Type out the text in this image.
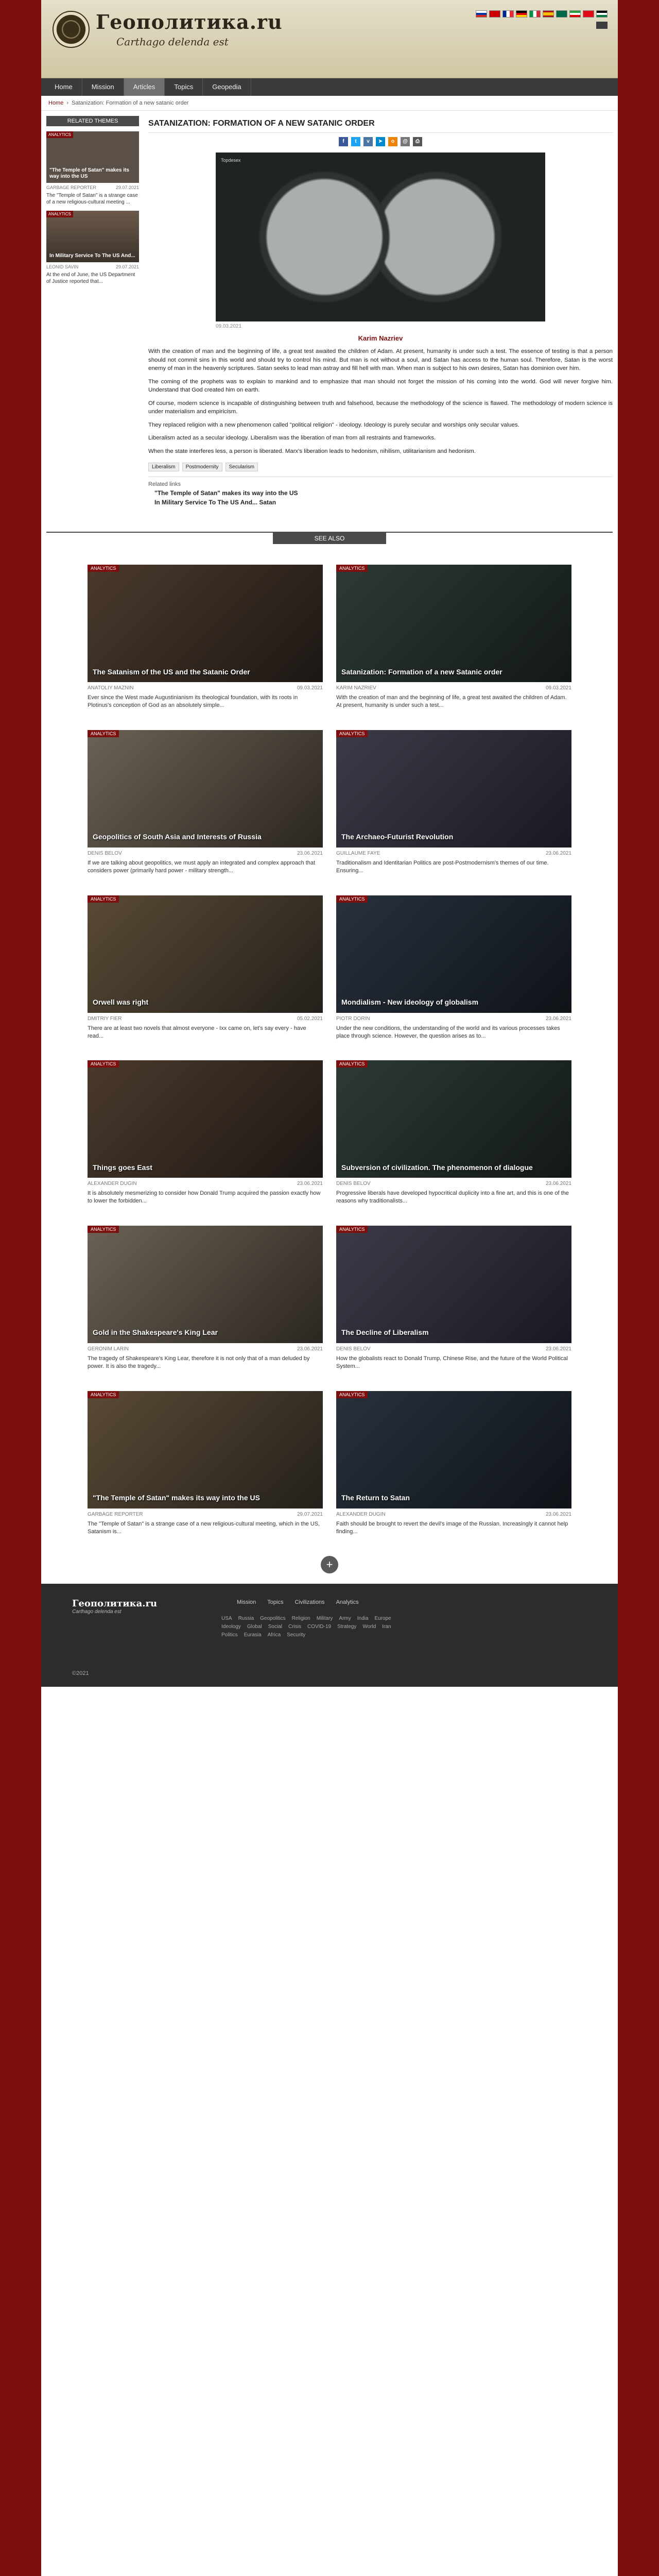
Геополитика.ru
Carthago delenda est
Home	Mission	Articles	Topics	Geopedia
Home › Satanization: Formation of a new satanic order
RELATED THEMES
ANALYTICS
"The Temple of Satan" makes its way into the US
GARBAGE REPORTER	29.07.2021
The "Temple of Satan" is a strange case of a new religious-cultural meeting ...
ANALYTICS
In Military Service To The US And...
LEONID SAVIN	29.07.2021
At the end of June, the US Department of Justice reported that...
SATANIZATION: FORMATION OF A NEW SATANIC ORDER
f	t	v	➤	o	@	⎙
Topdesex
09.03.2021
Karim Nazriev

With the creation of man and the beginning of life, a great test awaited the children of Adam. At present, humanity is under such a test. The essence of testing is that a person should not commit sins in this world and should try to control his mind. But man is not without a soul, and Satan has access to the human soul. Therefore, Satan is the worst enemy of man in the heavenly scriptures. Satan seeks to lead man astray and fill hell with man. When man is subject to his own desires, Satan has dominion over him.

The coming of the prophets was to explain to mankind and to emphasize that man should not forget the mission of his coming into the world. God will never forgive him. Understand that God created him on earth.

Of course, modern science is incapable of distinguishing between truth and falsehood, because the methodology of the science is flawed. The methodology of modern science is under materialism and empiricism.

They replaced religion with a new phenomenon called "political religion" - ideology. Ideology is purely secular and worships only secular values.

Liberalism acted as a secular ideology. Liberalism was the liberation of man from all restraints and frameworks.

When the state interferes less, a person is liberated. Marx's liberation leads to hedonism, nihilism, utilitarianism and hedonism.

Liberalism	Postmodernity	Secularism
Related links
"The Temple of Satan" makes its way into the US
In Military Service To The US And... Satan
SEE ALSO
ANALYTICS
The Satanism of the US and the Satanic Order
ANATOLIY MAZNIN	09.03.2021
Ever since the West made Augustinianism its theological foundation, with its roots in Plotinus's conception of God as an absolutely simple...
ANALYTICS
Satanization: Formation of a new Satanic order
KARIM NAZRIEV	09.03.2021
With the creation of man and the beginning of life, a great test awaited the children of Adam. At present, humanity is under such a test...
ANALYTICS
Geopolitics of South Asia and Interests of Russia
DENIS BELOV	23.06.2021
If we are talking about geopolitics, we must apply an integrated and complex approach that considers power (primarily hard power - military strength...
ANALYTICS
The Archaeo-Futurist Revolution
GUILLAUME FAYE	23.06.2021
Traditionalism and Identitarian Politics are post-Postmodernism's themes of our time. Ensuring...
ANALYTICS
Orwell was right
DMITRIY FIER	05.02.2021
There are at least two novels that almost everyone - Ixx came on, let's say every - have read...
ANALYTICS
Mondialism - New ideology of globalism
PIOTR DORIN	23.06.2021
Under the new conditions, the understanding of the world and its various processes takes place through science. However, the question arises as to...
ANALYTICS
Things goes East
ALEXANDER DUGIN	23.06.2021
It is absolutely mesmerizing to consider how Donald Trump acquired the passion exactly how to lower the forbidden...
ANALYTICS
Subversion of civilization. The phenomenon of dialogue
DENIS BELOV	23.06.2021
Progressive liberals have developed hypocritical duplicity into a fine art, and this is one of the reasons why traditionalists...
ANALYTICS
Gold in the Shakespeare's King Lear
GERONIM LARIN	23.06.2021
The tragedy of Shakespeare's King Lear, therefore it is not only that of a man deluded by power. It is also the tragedy...
ANALYTICS
The Decline of Liberalism
DENIS BELOV	23.06.2021
How the globalists react to Donald Trump, Chinese Rise, and the future of the World Political System...
ANALYTICS
"The Temple of Satan" makes its way into the US
GARBAGE REPORTER	29.07.2021
The "Temple of Satan" is a strange case of a new religious-cultural meeting, which in the US, Satanism is...
ANALYTICS
The Return to Satan
ALEXANDER DUGIN	23.06.2021
Faith should be brought to revert the devil's image of the Russian. Increasingly it cannot help finding...
+
Геополитика.ru
Carthago delenda est
Mission Topics Civilizations Analytics
USA Russia Geopolitics Religion Military Army India Europe
Ideology Global Social Crisis COVID-19 Strategy World Iran
Politics Eurasia Africa Security
©2021
